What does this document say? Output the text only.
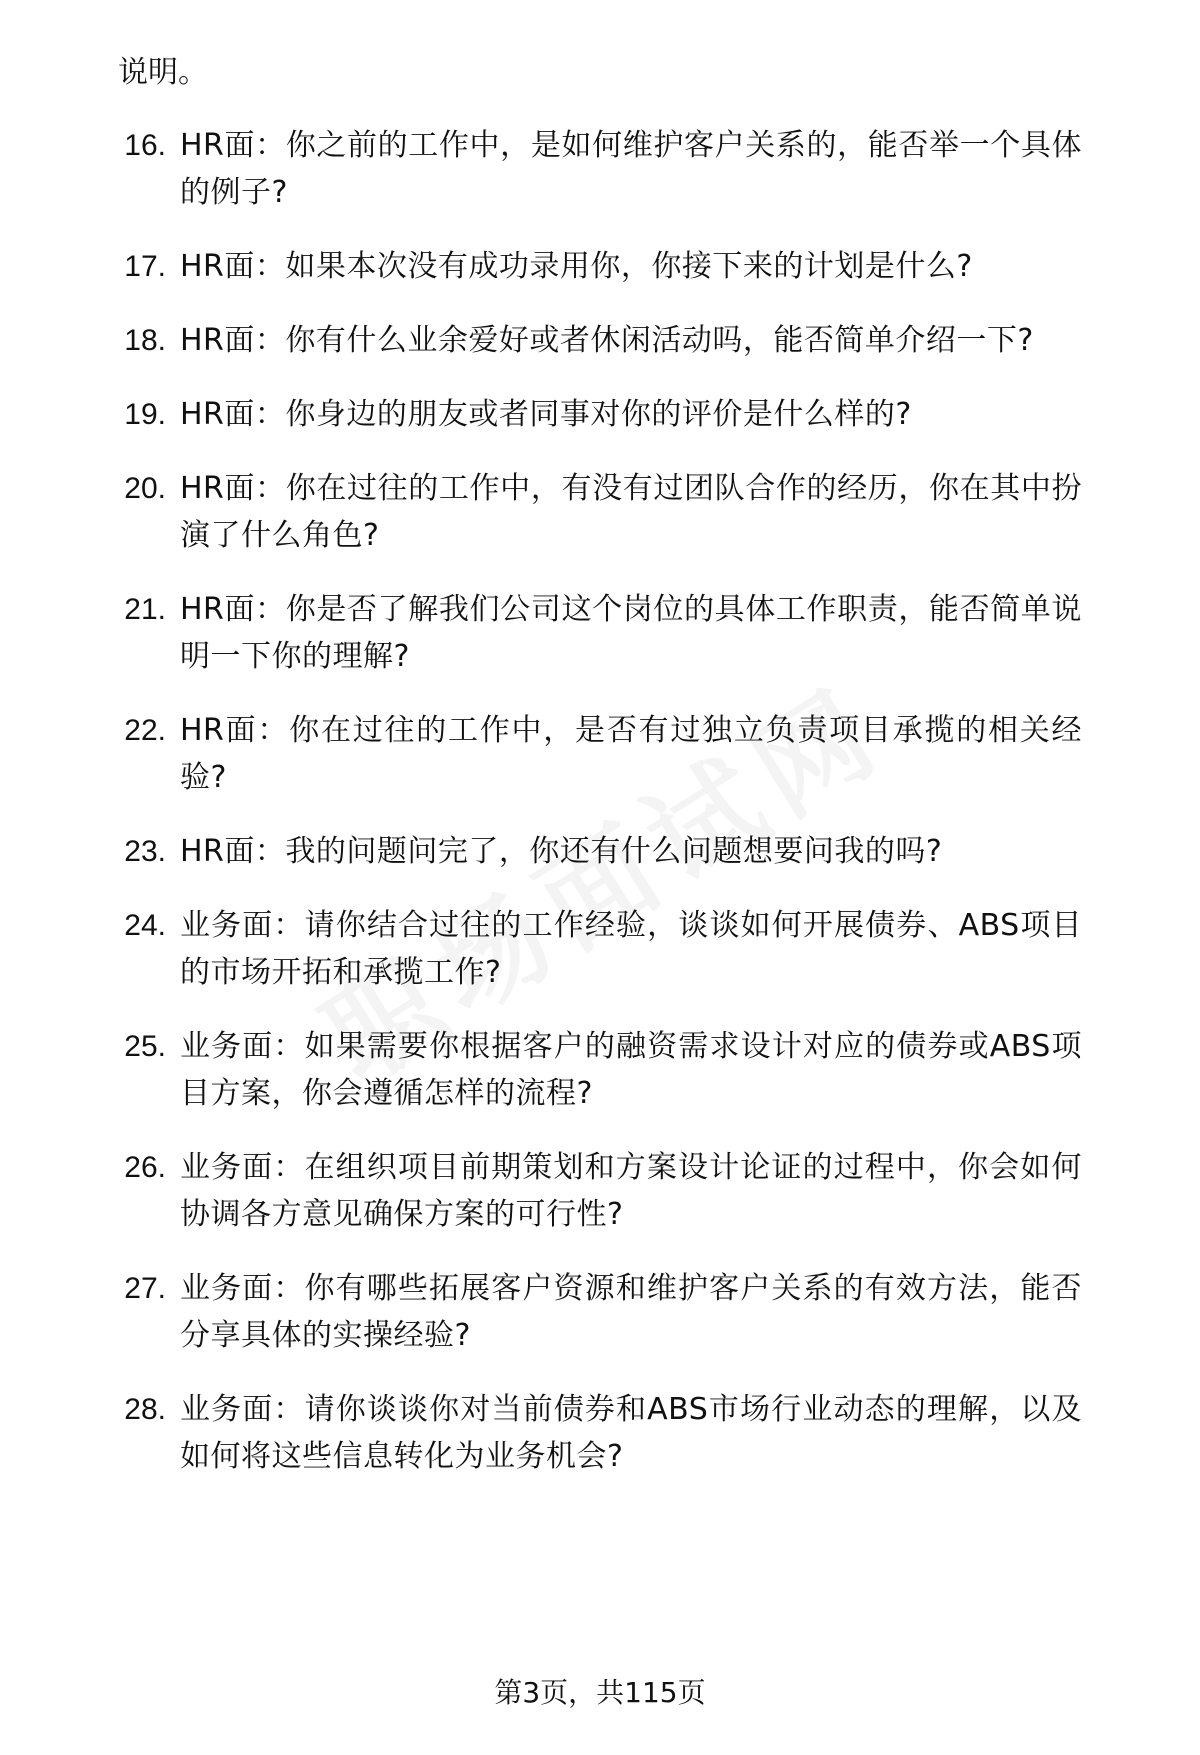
说明。

16. HR面：你之前的工作中，是如何维护客户关系的，能否举一个具体的例子?
17. HR面：如果本次没有成功录用你，你接下来的计划是什么?
18. HR面：你有什么业余爱好或者休闲活动吗，能否简单介绍一下?
19. HR面：你身边的朋友或者同事对你的评价是什么样的?
20. HR面：你在过往的工作中，有没有过团队合作的经历，你在其中扮演了什么角色?
21. HR面：你是否了解我们公司这个岗位的具体工作职责，能否简单说明一下你的理解?
22. HR面：你在过往的工作中，是否有过独立负责项目承揽的相关经验?
23. HR面：我的问题问完了，你还有什么问题想要问我的吗?
24. 业务面：请你结合过往的工作经验，谈谈如何开展债券、ABS项目的市场开拓和承揽工作?
25. 业务面：如果需要你根据客户的融资需求设计对应的债券或ABS项目方案，你会遵循怎样的流程?
26. 业务面：在组织项目前期策划和方案设计论证的过程中，你会如何协调各方意见确保方案的可行性?
27. 业务面：你有哪些拓展客户资源和维护客户关系的有效方法，能否分享具体的实操经验?
28. 业务面：请你谈谈你对当前债券和ABS市场行业动态的理解，以及如何将这些信息转化为业务机会?
第3页，共115页
